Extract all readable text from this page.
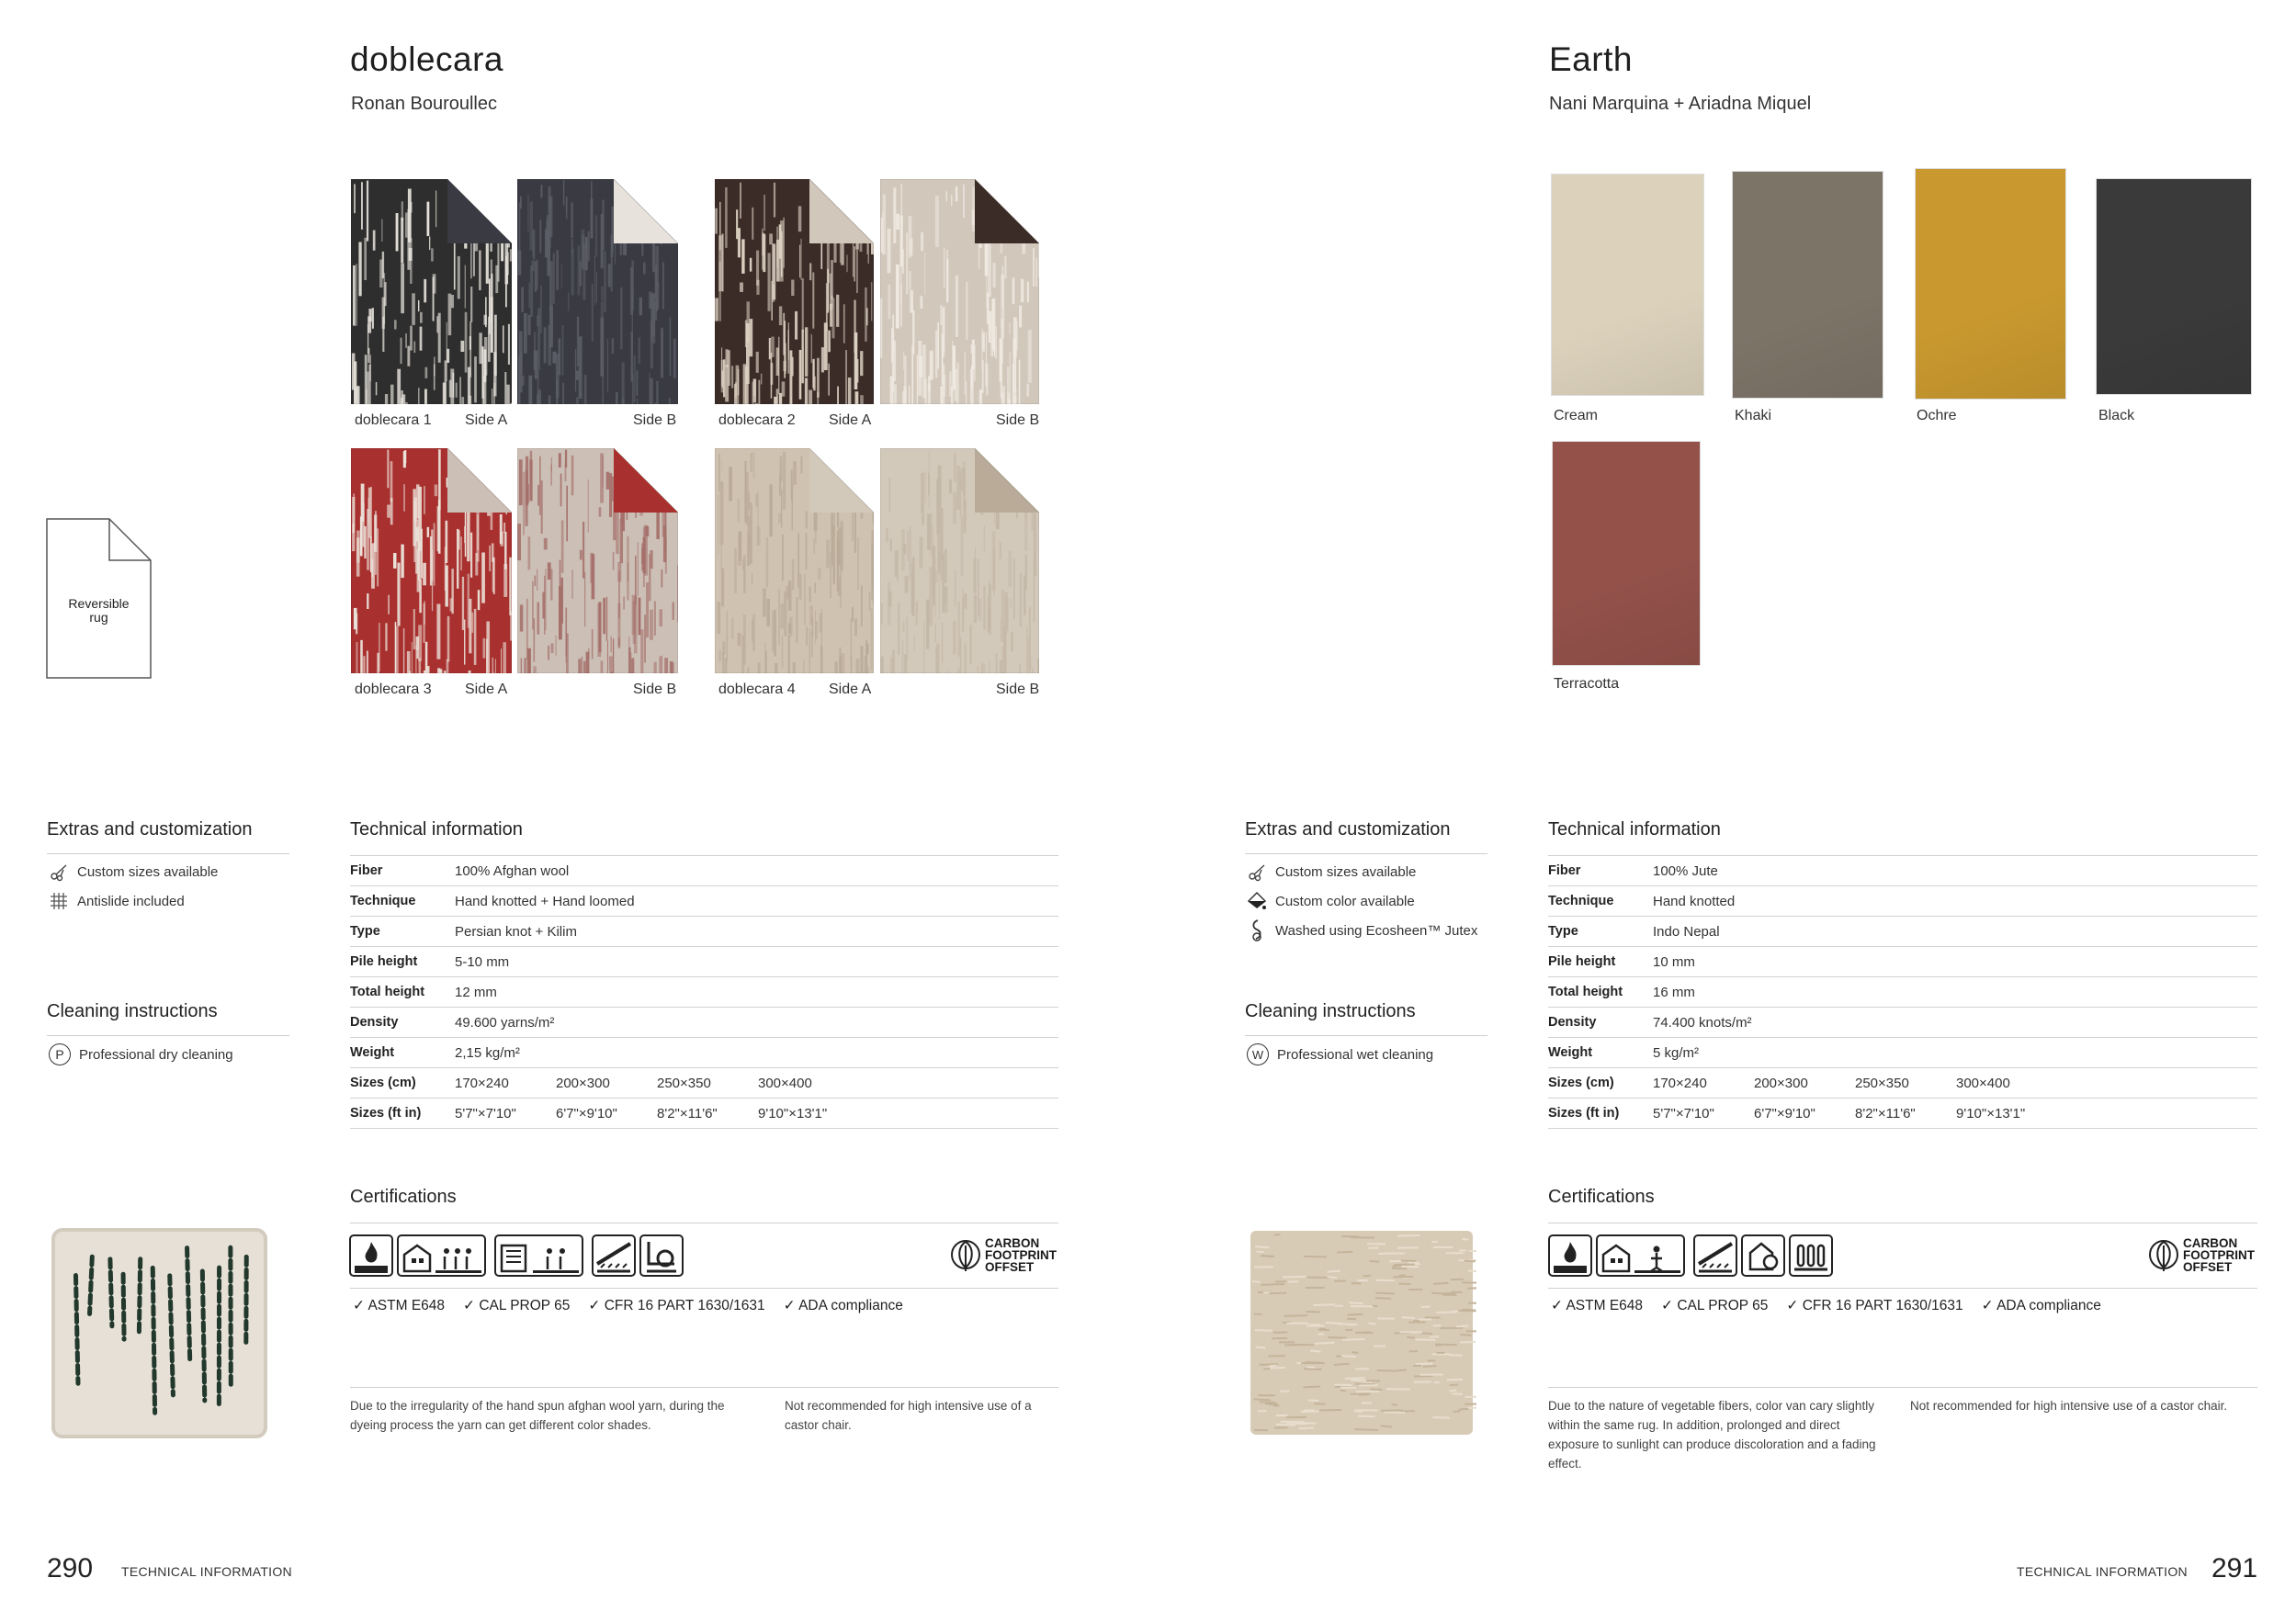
doblecara
Ronan Bouroullec
Reversible
rug
doblecara 1 Side A	Side B	doblecara 2 Side A	Side B
doblecara 3 Side A	Side B	doblecara 4 Side A	Side B
Extras and customization
Custom sizes available
Antislide included
Cleaning instructions
P	Professional dry cleaning
Technical information
Fiber	100% Afghan wool
Technique	Hand knotted + Hand loomed
Type	Persian knot + Kilim
Pile height	5-10 mm
Total height	12 mm
Density	49.600 yarns/m²
Weight	2,15 kg/m²
Sizes (cm)	170×240	200×300	250×350	300×400
Sizes (ft in)	5'7"×7'10"	6'7"×9'10"	8'2"×11'6"	9'10"×13'1"
Certifications
CARBON
FOOTPRINT
OFFSET
✓ ASTM E648 ✓ CAL PROP 65 ✓ CFR 16 PART 1630/1631 ✓ ADA compliance
Due to the irregularity of the hand spun afghan wool yarn, during the dyeing process the yarn can get different color shades.
Not recommended for high intensive use of a castor chair.
290 TECHNICAL INFORMATION
Earth
Nani Marquina + Ariadna Miquel
Cream	Khaki	Ochre	Black
Terracotta
Extras and customization
Custom sizes available
Custom color available
Washed using Ecosheen™ Jutex
Cleaning instructions
W Professional wet cleaning
Technical information
Fiber	100% Jute
Technique	Hand knotted
Type	Indo Nepal
Pile height	10 mm
Total height	16 mm
Density	74.400 knots/m²
Weight	5 kg/m²
Sizes (cm)	170×240	200×300	250×350	300×400
Sizes (ft in)	5'7"×7'10"	6'7"×9'10"	8'2"×11'6"	9'10"×13'1"
Certifications
CARBON
FOOTPRINT
OFFSET
✓ ASTM E648 ✓ CAL PROP 65 ✓ CFR 16 PART 1630/1631 ✓ ADA compliance
Due to the nature of vegetable fibers, color van cary slightly within the same rug. In addition, prolonged and direct exposure to sunlight can produce discoloration and a fading effect.
Not recommended for high intensive use of a castor chair.
TECHNICAL INFORMATION 291
